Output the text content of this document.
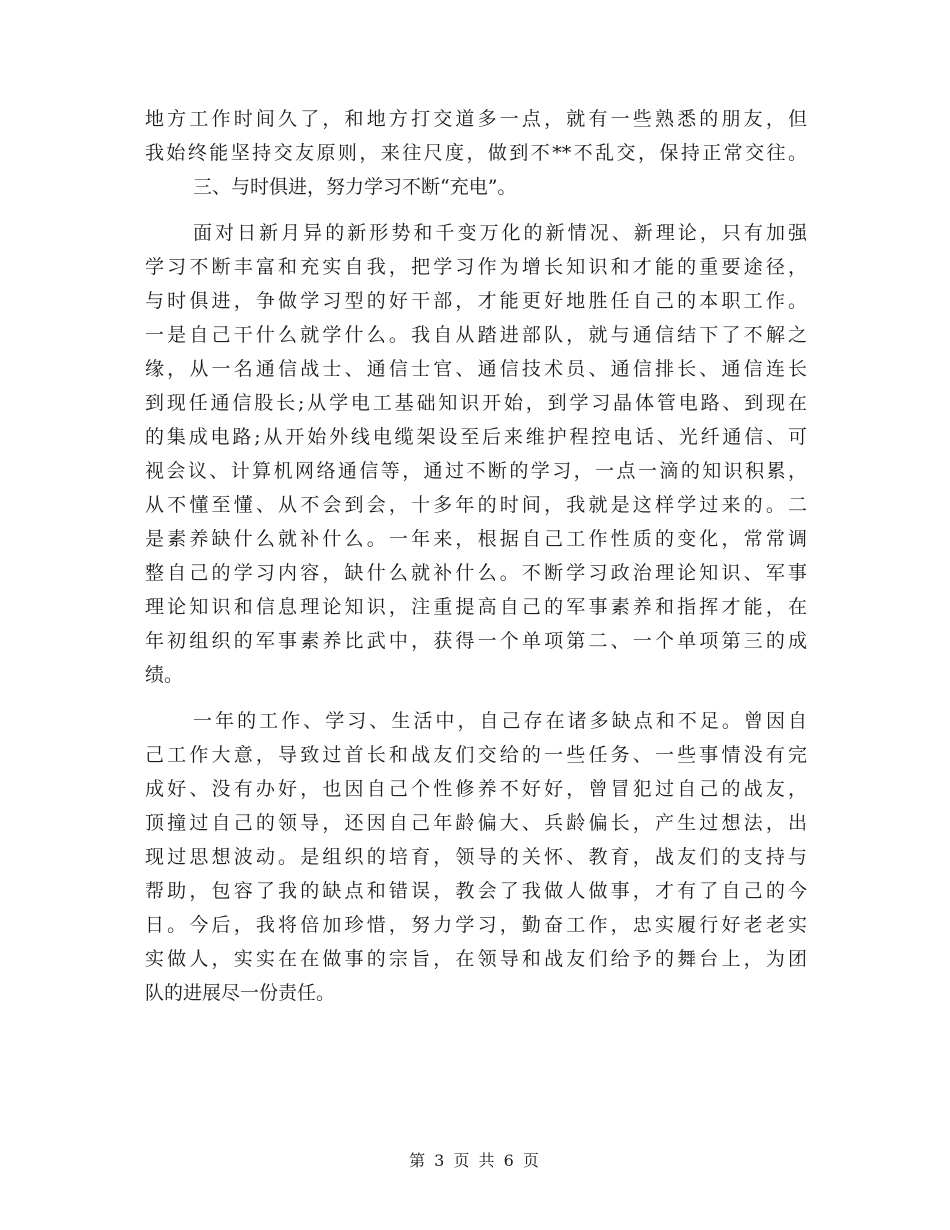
地方工作时间久了，和地方打交道多一点，就有一些熟悉的朋友，但
我始终能坚持交友原则，来往尺度，做到不**不乱交，保持正常交往。
三、与时俱进，努力学习不断“充电”。
面对日新月异的新形势和千变万化的新情况、新理论，只有加强
学习不断丰富和充实自我，把学习作为增长知识和才能的重要途径，
与时俱进，争做学习型的好干部，才能更好地胜任自己的本职工作。
一是自己干什么就学什么。我自从踏进部队，就与通信结下了不解之
缘，从一名通信战士、通信士官、通信技术员、通信排长、通信连长
到现任通信股长;从学电工基础知识开始，到学习晶体管电路、到现在
的集成电路;从开始外线电缆架设至后来维护程控电话、光纤通信、可
视会议、计算机网络通信等，通过不断的学习，一点一滴的知识积累，
从不懂至懂、从不会到会，十多年的时间，我就是这样学过来的。二
是素养缺什么就补什么。一年来，根据自己工作性质的变化，常常调
整自己的学习内容，缺什么就补什么。不断学习政治理论知识、军事
理论知识和信息理论知识，注重提高自己的军事素养和指挥才能，在
年初组织的军事素养比武中，获得一个单项第二、一个单项第三的成
绩。
一年的工作、学习、生活中，自己存在诸多缺点和不足。曾因自
己工作大意，导致过首长和战友们交给的一些任务、一些事情没有完
成好、没有办好，也因自己个性修养不好好，曾冒犯过自己的战友，
顶撞过自己的领导，还因自己年龄偏大、兵龄偏长，产生过想法，出
现过思想波动。是组织的培育，领导的关怀、教育，战友们的支持与
帮助，包容了我的缺点和错误，教会了我做人做事，才有了自己的今
日。今后，我将倍加珍惜，努力学习，勤奋工作，忠实履行好老老实
实做人，实实在在做事的宗旨，在领导和战友们给予的舞台上，为团
队的进展尽一份责任。
第 3 页 共 6 页
